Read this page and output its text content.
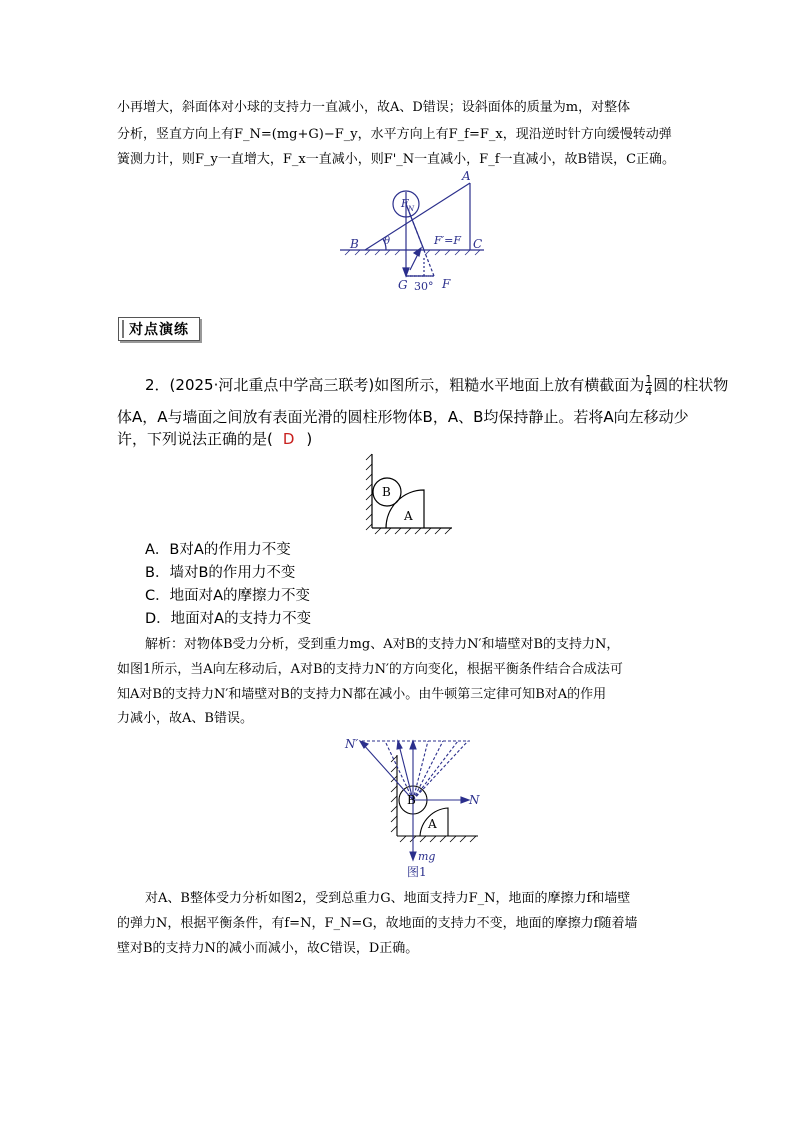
小再增大，斜面体对小球的支持力一直减小，故A、D错误；设斜面体的质量为m，对整体
分析，竖直方向上有F_N=(mg+G)−F_y，水平方向上有F_f=F_x，现沿逆时针方向缓慢转动弹
簧测力计，则F_y一直增大，F_x一直减小，则F'_N一直减小，F_f一直减小，故B错误，C正确。
A
B	C
θ
F N
F′=F
G 30° F
对点演练
2．(2025·河北重点中学高三联考)如图所示，粗糙水平地面上放有横截面为 $\frac{1}{4}$ 圆的柱状物
体A，A与墙面之间放有表面光滑的圆柱形物体B，A、B均保持静止。若将A向左移动少
许，下列说法正确的是( D )
B
A
A．B对A的作用力不变
B．墙对B的作用力不变
C．地面对A的摩擦力不变
D．地面对A的支持力不变
解析：对物体B受力分析，受到重力mg、A对B的支持力N′和墙壁对B的支持力N，
如图1所示，当A向左移动后，A对B的支持力N′的方向变化，根据平衡条件结合合成法可
知A对B的支持力N′和墙壁对B的支持力N都在减小。由牛顿第三定律可知B对A的作用
力减小，故A、B错误。
N′
B	N
A
mg
图1
对A、B整体受力分析如图2，受到总重力G、地面支持力F_N，地面的摩擦力f和墙壁
的弹力N，根据平衡条件，有f=N，F_N=G，故地面的支持力不变，地面的摩擦力f随着墙
壁对B的支持力N的减小而减小，故C错误，D正确。
